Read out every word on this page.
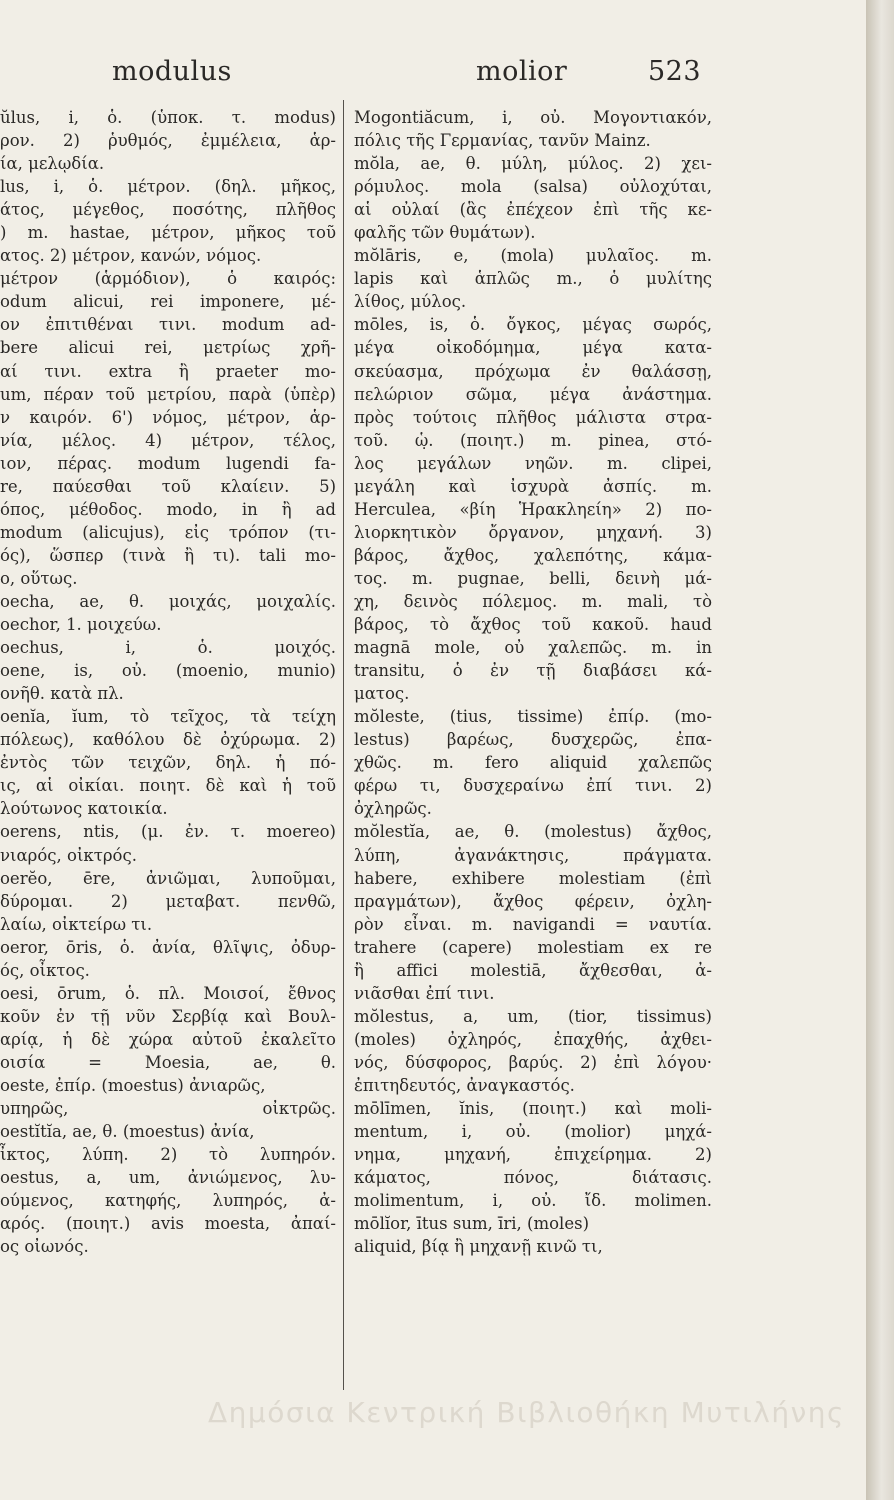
modulus	molior	523
ŭlus, i, ὁ. (ὑποκ. τ. modus)
ρον. 2) ῥυθμός, ἐμμέλεια, ἁρ-
ία, μελῳδία.
lus, i, ὁ. μέτρον. (δηλ. μῆκος,
άτος, μέγεθος, ποσότης, πλῆθος
) m. hastae, μέτρον, μῆκος τοῦ
ατος. 2) μέτρον, κανών, νόμος.
μέτρον (ἁρμόδιον), ὁ καιρός:
odum alicui, rei imponere, μέ-
ον ἐπιτιθέναι τινι. modum ad-
bere alicui rei, μετρίως χρῆ-
αί τινι. extra ἢ praeter mo-
um, πέραν τοῦ μετρίου, παρὰ (ὑπὲρ)
ν καιρόν. 6') νόμος, μέτρον, ἁρ-
νία, μέλος. 4) μέτρον, τέλος,
ιον, πέρας. modum lugendi fa-
re, παύεσθαι τοῦ κλαίειν. 5)
όπος, μέθοδος. modo, in ἢ ad
modum (alicujus), εἰς τρόπον (τι-
ός), ὥσπερ (τινὰ ἢ τι). tali mo-
o, οὕτως.
oecha, ae, θ. μοιχάς, μοιχαλίς.
oechor, 1. μοιχεύω.
oechus, i, ὁ. μοιχός.
oene, is, οὐ. (moenio, munio)
ονῆθ. κατὰ πλ.
oenĭa, ĭum, τὸ τεῖχος, τὰ τείχη
πόλεως), καθόλου δὲ ὀχύρωμα. 2)
ἐντὸς τῶν τειχῶν, δηλ. ἡ πό-
ις, αἱ οἰκίαι. ποιητ. δὲ καὶ ἡ τοῦ
λούτωνος κατοικία.
oerens, ntis, (μ. ἐν. τ. moereo)
νιαρός, οἰκτρός.
oerĕo, ēre, ἀνιῶμαι, λυποῦμαι,
δύρομαι. 2) μεταβατ. πενθῶ,
λαίω, οἰκτείρω τι.
oeror, ōris, ὁ. ἀνία, θλῖψις, ὀδυρ-
ός, οἶκτος.
oesi, ōrum, ὁ. πλ. Μοισοί, ἔθνος
κοῦν ἐν τῇ νῦν Σερβίᾳ καὶ Βουλ-
αρίᾳ, ἡ δὲ χώρα αὐτοῦ ἐκαλεῖτο
οισία = Moesia, ae, θ.
oeste, ἐπίρ. (moestus) ἀνιαρῶς,
υπηρῶς, οἰκτρῶς.
oestĭtĭa, ae, θ. (moestus) ἀνία,
ἶκτος, λύπη. 2) τὸ λυπηρόν.
oestus, a, um, ἀνιώμενος, λυ-
ούμενος, κατηφής, λυπηρός, ἀ-
αρός. (ποιητ.) avis moesta, ἀπαί-
ος οἰωνός.
Mogontiăcum, i, οὐ. Μογοντιακόν,
πόλις τῆς Γερμανίας, τανῦν Mainz.
mŏla, ae, θ. μύλη, μύλος. 2) χει-
ρόμυλος. mola (salsa) οὐλοχύται,
αἱ οὐλαί (ἃς ἐπέχεον ἐπὶ τῆς κε-
φαλῆς τῶν θυμάτων).
mŏlāris, e, (mola) μυλαῖος. m.
lapis καὶ ἁπλῶς m., ὁ μυλίτης
λίθος, μύλος.
mōles, is, ὁ. ὄγκος, μέγας σωρός,
μέγα οἰκοδόμημα, μέγα κατα-
σκεύασμα, πρόχωμα ἐν θαλάσσῃ,
πελώριον σῶμα, μέγα ἀνάστημα.
πρὸς τούτοις πλῆθος μάλιστα στρα-
τοῦ. ὡ̣. (ποιητ.) m. pinea, στό-
λος μεγάλων νηῶν. m. clipei,
μεγάλη καὶ ἰσχυρὰ ἀσπίς. m.
Herculea, «βίη Ἡρακληείη» 2) πο-
λιορκητικὸν ὄργανον, μηχανή. 3)
βάρος, ἄχθος, χαλεπότης, κάμα-
τος. m. pugnae, belli, δεινὴ μά-
χη, δεινὸς πόλεμος. m. mali, τὸ
βάρος, τὸ ἄχθος τοῦ κακοῦ. haud
magnā mole, οὐ χαλεπῶς. m. in
transitu, ὁ ἐν τῇ διαβάσει κά-
ματος.
mŏleste, (tius, tissime) ἐπίρ. (mo-
lestus) βαρέως, δυσχερῶς, ἐπα-
χθῶς. m. fero aliquid χαλεπῶς
φέρω τι, δυσχεραίνω ἐπί τινι. 2)
ὀχληρῶς.
mŏlestĭa, ae, θ. (molestus) ἄχθος,
λύπη, ἀγανάκτησις, πράγματα.
habere, exhibere molestiam (ἐπὶ
πραγμάτων), ἄχθος φέρειν, ὀχλη-
ρὸν εἶναι. m. navigandi = ναυτία.
trahere (capere) molestiam ex re
ἢ affici molestiā, ἄχθεσθαι, ἀ-
νιᾶσθαι ἐπί τινι.
mŏlestus, a, um, (tior, tissimus)
(moles) ὀχληρός, ἐπαχθής, ἀχθει-
νός, δύσφορος, βαρύς. 2) ἐπὶ λόγου·
ἐπιτηδευτός, ἀναγκαστός.
mōlīmen, ĭnis, (ποιητ.) καὶ moli-
mentum, i, οὐ. (molior) μηχά-
νημα, μηχανή, ἐπιχείρημα. 2)
κάματος, πόνος, διάτασις.
molimentum, i, οὐ. ἴδ. molimen.
mōlĭor, ītus sum, īri, (moles)
aliquid, βίᾳ ἢ μηχανῇ κινῶ τι,
Δημόσια Κεντρική Βιβλιοθήκη Μυτιλήνης
